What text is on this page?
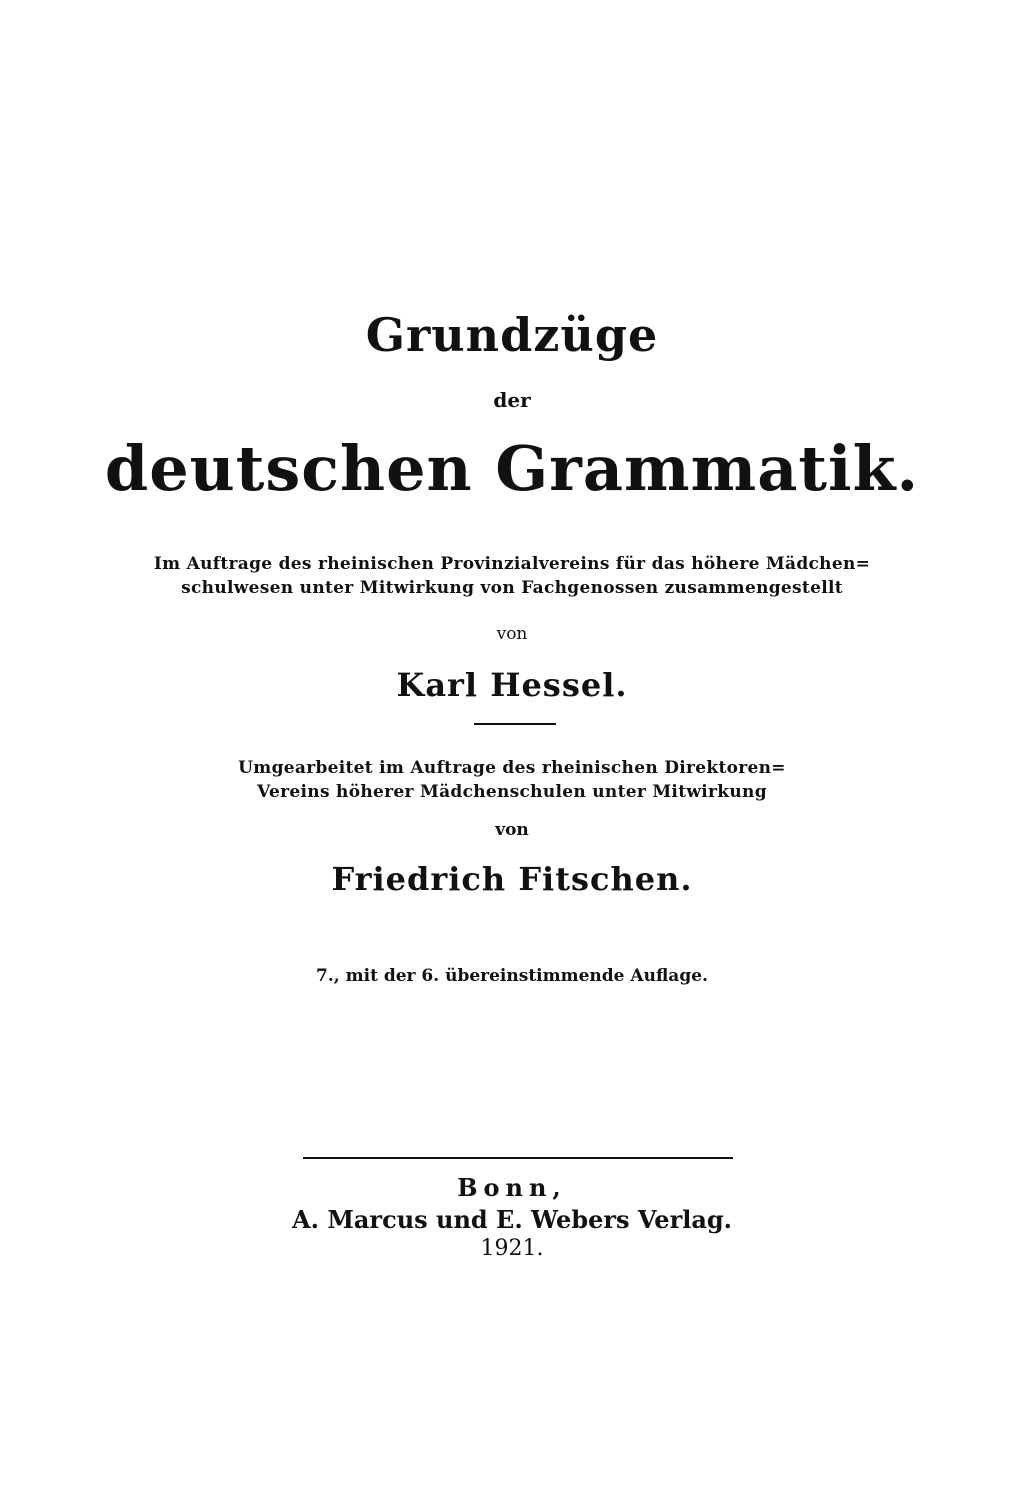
Grundzüge
der
deutschen Grammatik.
Im Auftrage des rheinischen Provinzialvereins für das höhere Mädchen=
schulwesen unter Mitwirkung von Fachgenossen zusammengestellt
von
Karl Hessel.
Umgearbeitet im Auftrage des rheinischen Direktoren=
Vereins höherer Mädchenschulen unter Mitwirkung
von
Friedrich Fitschen.
7., mit der 6. übereinstimmende Auflage.
Bonn,
A. Marcus und E. Webers Verlag.
1921.
